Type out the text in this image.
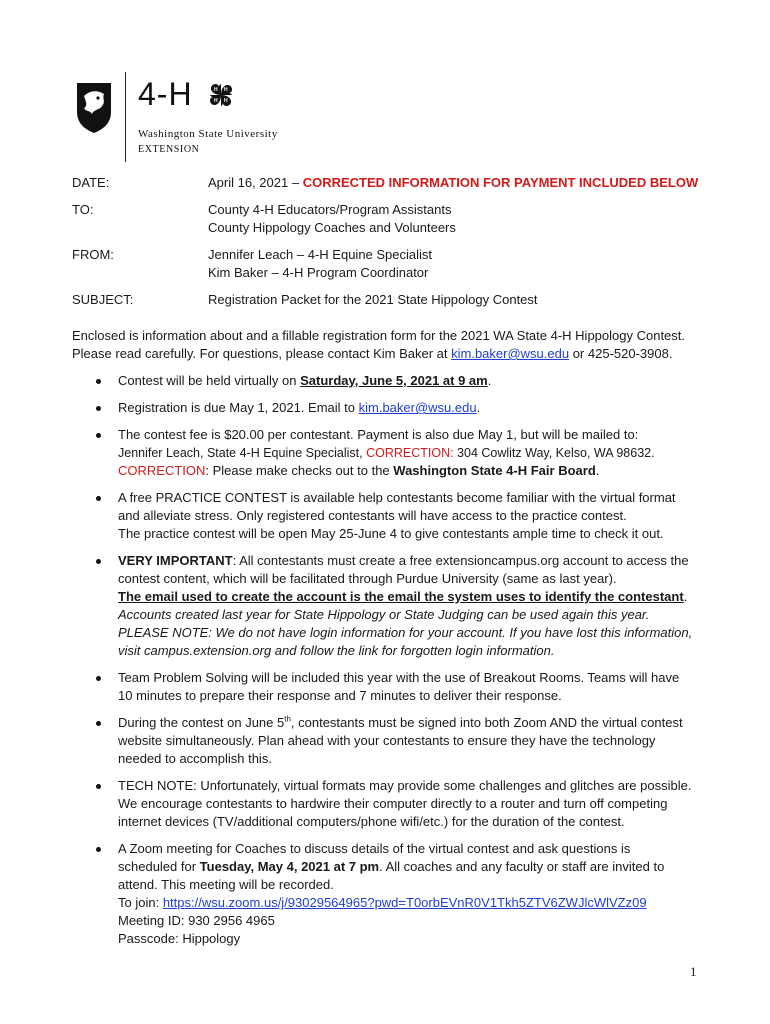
4-H	H H
H
H
Washington State University
EXTENSION
DATE:	April 16, 2021 – CORRECTED INFORMATION FOR PAYMENT INCLUDED BELOW
TO:	County 4-H Educators/Program Assistants
County Hippology Coaches and Volunteers
FROM:	Jennifer Leach – 4-H Equine Specialist
Kim Baker – 4-H Program Coordinator
SUBJECT:	Registration Packet for the 2021 State Hippology Contest
Enclosed is information about and a fillable registration form for the 2021 WA State 4-H Hippology Contest.
Please read carefully. For questions, please contact Kim Baker at kim.baker@wsu.edu or 425-520-3908.
Contest will be held virtually on Saturday, June 5, 2021 at 9 am.
Registration is due May 1, 2021. Email to kim.baker@wsu.edu.
The contest fee is $20.00 per contestant. Payment is also due May 1, but will be mailed to:
Jennifer Leach, State 4-H Equine Specialist, CORRECTION: 304 Cowlitz Way, Kelso, WA 98632.
CORRECTION: Please make checks out to the Washington State 4-H Fair Board.
A free PRACTICE CONTEST is available help contestants become familiar with the virtual format
and alleviate stress. Only registered contestants will have access to the practice contest.
The practice contest will be open May 25-June 4 to give contestants ample time to check it out.
VERY IMPORTANT: All contestants must create a free extensioncampus.org account to access the
contest content, which will be facilitated through Purdue University (same as last year).
The email used to create the account is the email the system uses to identify the contestant.
Accounts created last year for State Hippology or State Judging can be used again this year.
PLEASE NOTE: We do not have login information for your account. If you have lost this information,
visit campus.extension.org and follow the link for forgotten login information.
Team Problem Solving will be included this year with the use of Breakout Rooms. Teams will have
10 minutes to prepare their response and 7 minutes to deliver their response.
During the contest on June 5th, contestants must be signed into both Zoom AND the virtual contest
website simultaneously. Plan ahead with your contestants to ensure they have the technology
needed to accomplish this.
TECH NOTE: Unfortunately, virtual formats may provide some challenges and glitches are possible.
We encourage contestants to hardwire their computer directly to a router and turn off competing
internet devices (TV/additional computers/phone wifi/etc.) for the duration of the contest.
A Zoom meeting for Coaches to discuss details of the virtual contest and ask questions is
scheduled for Tuesday, May 4, 2021 at 7 pm. All coaches and any faculty or staff are invited to
attend. This meeting will be recorded.
To join: https://wsu.zoom.us/j/93029564965?pwd=T0orbEVnR0V1Tkh5ZTV6ZWJlcWlVZz09
Meeting ID: 930 2956 4965
Passcode: Hippology
1
